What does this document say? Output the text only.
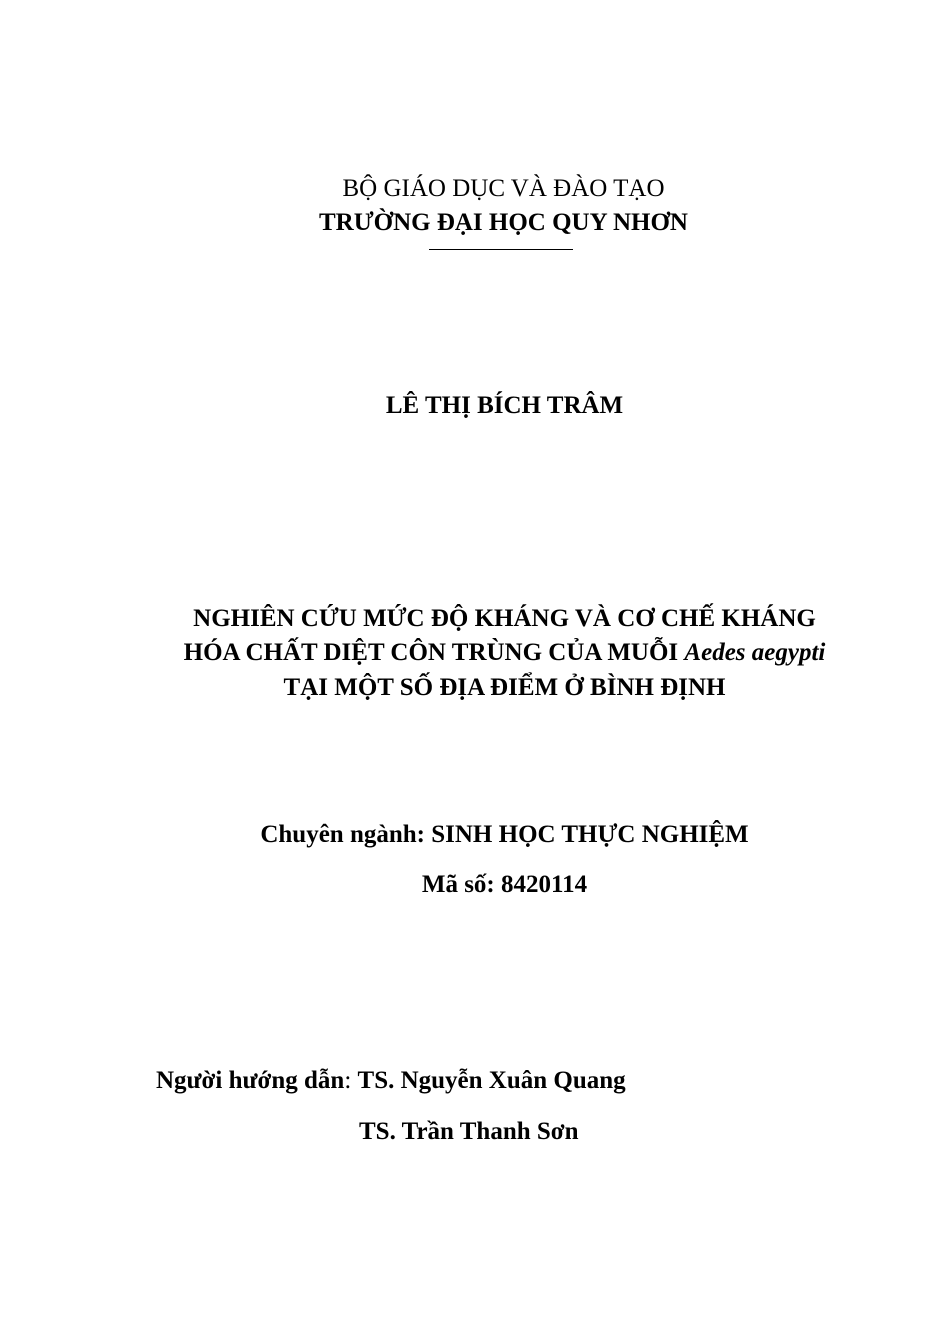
BỘ GIÁO DỤC VÀ ĐÀO TẠO
TRƯỜNG ĐẠI HỌC QUY NHƠN
LÊ THỊ BÍCH TRÂM
NGHIÊN CỨU MỨC ĐỘ KHÁNG VÀ CƠ CHẾ KHÁNG
HÓA CHẤT DIỆT CÔN TRÙNG CỦA MUỖI Aedes aegypti
TẠI MỘT SỐ ĐỊA ĐIỂM Ở BÌNH ĐỊNH
Chuyên ngành: SINH HỌC THỰC NGHIỆM
Mã số: 8420114
Người hướng dẫn: TS. Nguyễn Xuân Quang
TS. Trần Thanh Sơn
